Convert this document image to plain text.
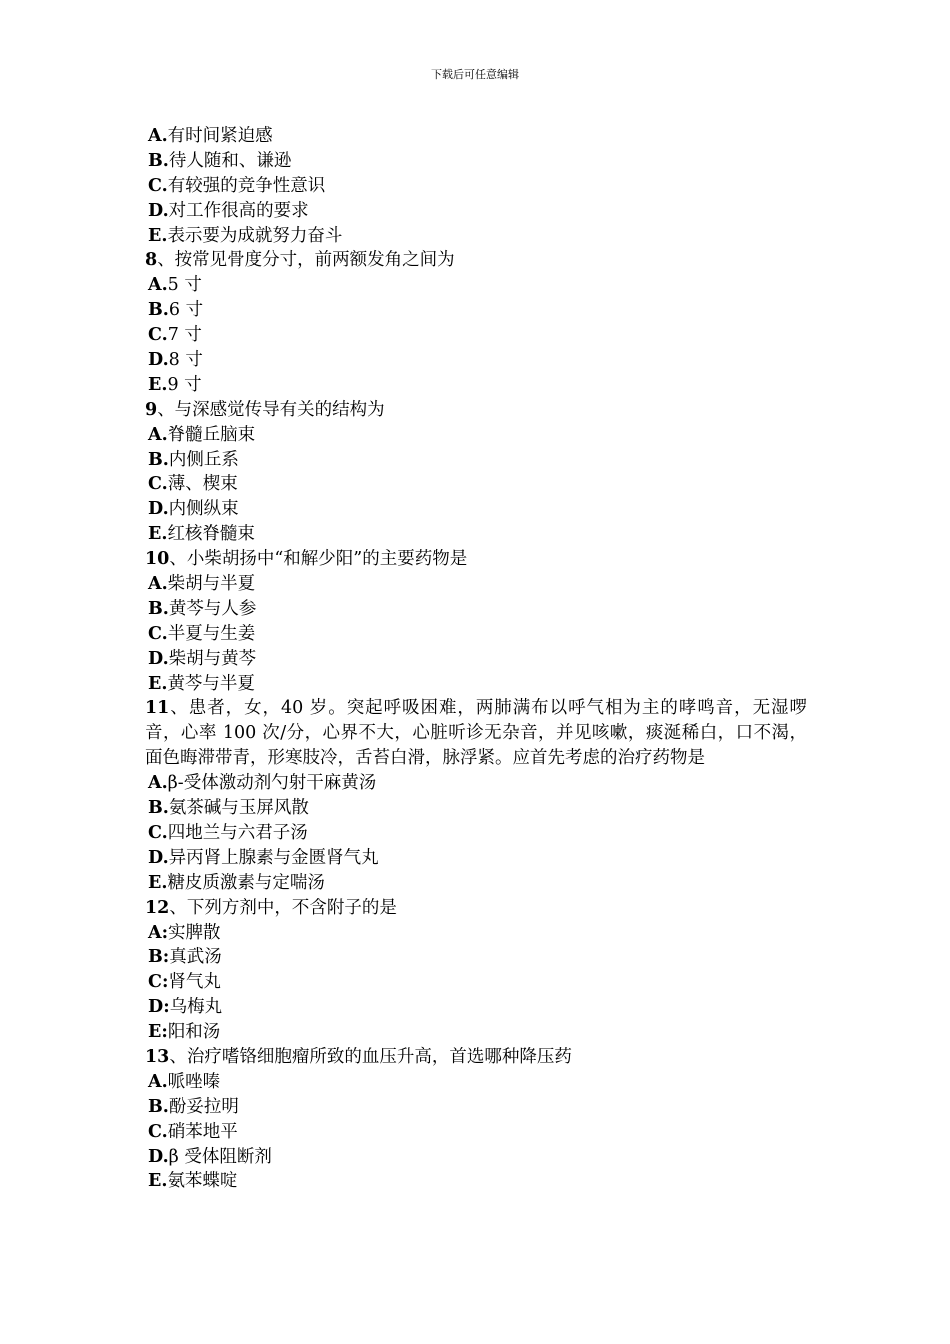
下载后可任意编辑
A.有时间紧迫感
B.待人随和、谦逊
C.有较强的竞争性意识
D.对工作很高的要求
E.表示要为成就努力奋斗
8、按常见骨度分寸，前两额发角之间为
A.5 寸
B.6 寸
C.7 寸
D.8 寸
E.9 寸
9、与深感觉传导有关的结构为
A.脊髓丘脑束
B.内侧丘系
C.薄、楔束
D.内侧纵束
E.红核脊髓束
10、小柴胡扬中“和解少阳”的主要药物是
A.柴胡与半夏
B.黄芩与人参
C.半夏与生姜
D.柴胡与黄芩
E.黄芩与半夏
11、患者，女，40 岁。突起呼吸困难，两肺满布以呼气相为主的哮鸣音，无湿啰音，心率 100 次/分，心界不大，心脏听诊无杂音，并见咳嗽，痰涎稀白，口不渴，面色晦滞带青，形寒肢冷，舌苔白滑，脉浮紧。应首先考虑的治疗药物是
A.β-受体激动剂勺射干麻黄汤
B.氨茶碱与玉屏风散
C.四地兰与六君子汤
D.异丙肾上腺素与金匮肾气丸
E.糖皮质激素与定喘汤
12、下列方剂中，不含附子的是
A:实脾散
B:真武汤
C:肾气丸
D:乌梅丸
E:阳和汤
13、治疗嗜铬细胞瘤所致的血压升高，首选哪种降压药
A.哌唑嗪
B.酚妥拉明
C.硝苯地平
D.β 受体阻断剂
E.氨苯蝶啶
